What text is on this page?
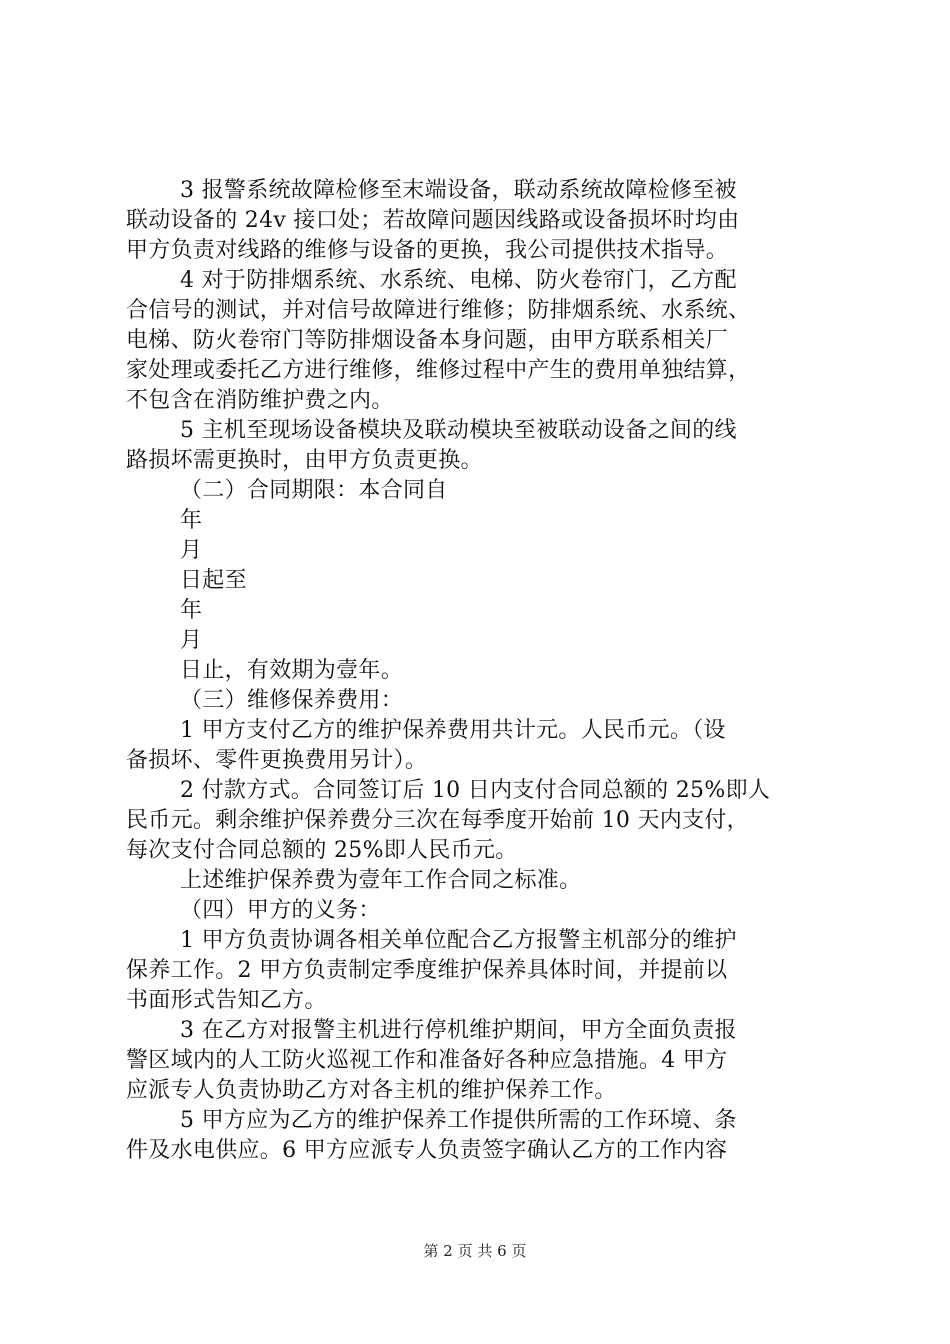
3 报警系统故障检修至末端设备，联动系统故障检修至被
联动设备的 24v 接口处；若故障问题因线路或设备损坏时均由
甲方负责对线路的维修与设备的更换，我公司提供技术指导。
4 对于防排烟系统、水系统、电梯、防火卷帘门，乙方配
合信号的测试，并对信号故障进行维修；防排烟系统、水系统、
电梯、防火卷帘门等防排烟设备本身问题，由甲方联系相关厂
家处理或委托乙方进行维修，维修过程中产生的费用单独结算，
不包含在消防维护费之内。
5 主机至现场设备模块及联动模块至被联动设备之间的线
路损坏需更换时，由甲方负责更换。
（二）合同期限：本合同自
年
月
日起至
年
月
日止，有效期为壹年。
（三）维修保养费用：
1 甲方支付乙方的维护保养费用共计元。人民币元。（设
备损坏、零件更换费用另计）。
2 付款方式。合同签订后 10 日内支付合同总额的 25%即人
民币元。剩余维护保养费分三次在每季度开始前 10 天内支付，
每次支付合同总额的 25%即人民币元。
上述维护保养费为壹年工作合同之标准。
（四）甲方的义务：
1 甲方负责协调各相关单位配合乙方报警主机部分的维护
保养工作。2 甲方负责制定季度维护保养具体时间，并提前以
书面形式告知乙方。
3 在乙方对报警主机进行停机维护期间，甲方全面负责报
警区域内的人工防火巡视工作和准备好各种应急措施。4 甲方
应派专人负责协助乙方对各主机的维护保养工作。
5 甲方应为乙方的维护保养工作提供所需的工作环境、条
件及水电供应。6 甲方应派专人负责签字确认乙方的工作内容
第 2 页 共 6 页
